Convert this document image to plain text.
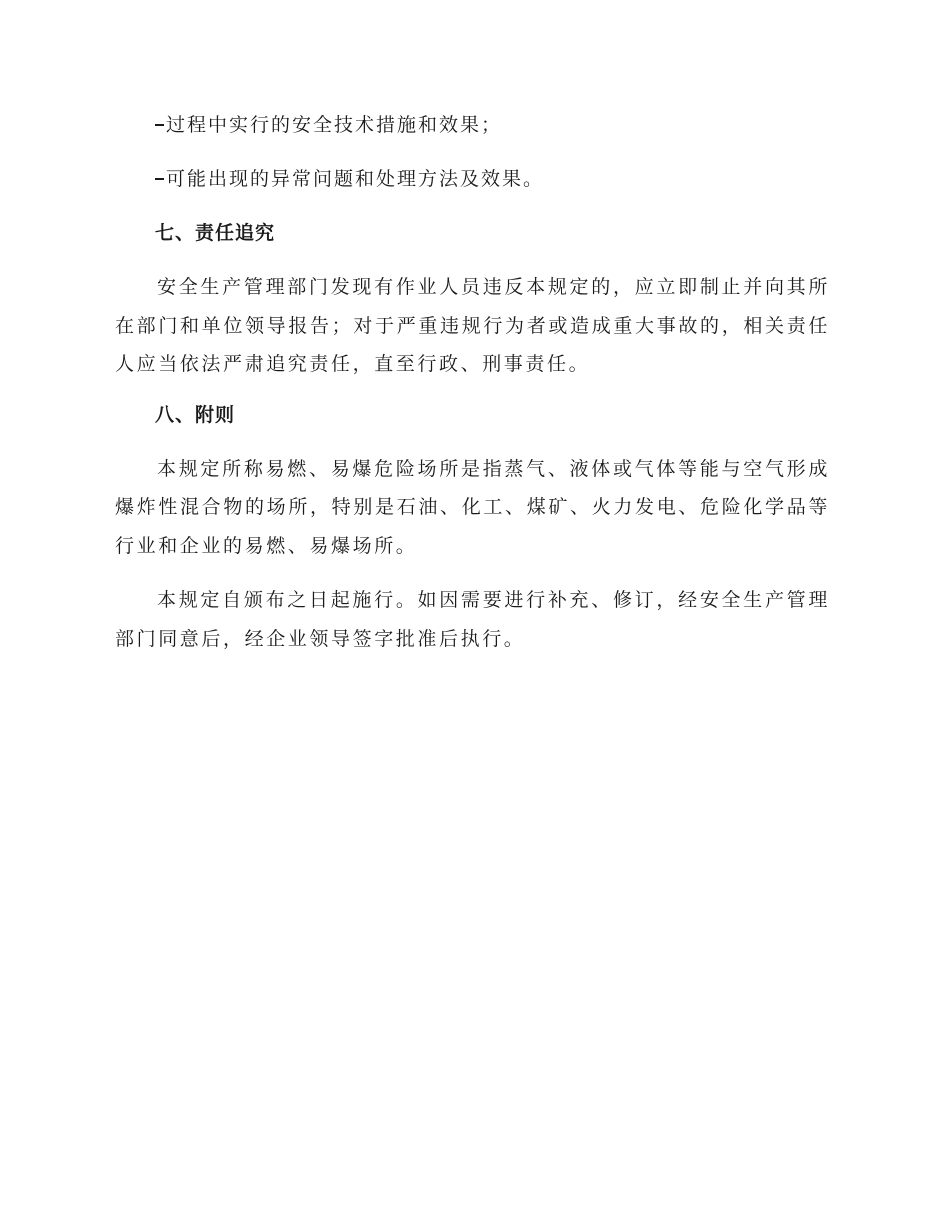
过程中实行的安全技术措施和效果；
可能出现的异常问题和处理方法及效果。
七、责任追究

安全生产管理部门发现有作业人员违反本规定的，应立即制止并向其所在部门和单位领导报告；对于严重违规行为者或造成重大事故的，相关责任人应当依法严肃追究责任，直至行政、刑事责任。

八、附则

本规定所称易燃、易爆危险场所是指蒸气、液体或气体等能与空气形成爆炸性混合物的场所，特别是石油、化工、煤矿、火力发电、危险化学品等行业和企业的易燃、易爆场所。

本规定自颁布之日起施行。如因需要进行补充、修订，经安全生产管理部门同意后，经企业领导签字批准后执行。
